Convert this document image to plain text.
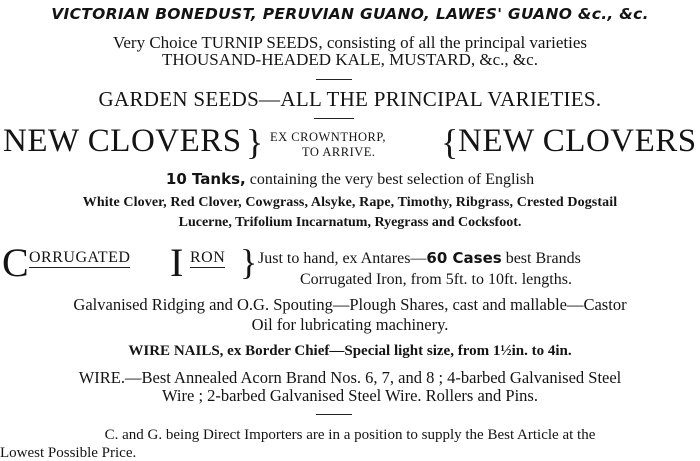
VICTORIAN BONEDUST, PERUVIAN GUANO, LAWES' GUANO &c., &c.
Very Choice TURNIP SEEDS, consisting of all the principal varieties
THOUSAND-HEADED KALE, MUSTARD, &c., &c.
GARDEN SEEDS—ALL THE PRINCIPAL VARIETIES.
NEW CLOVERS } EX CROWNTHORP,
TO ARRIVE. { NEW CLOVERS
10 Tanks, containing the very best selection of English
White Clover, Red Clover, Cowgrass, Alsyke, Rape, Timothy, Ribgrass, Crested Dogstail
Lucerne, Trifolium Incarnatum, Ryegrass and Cocksfoot.
C ORRUGATED I RON } Just to hand, ex Antares—60 Cases best Brands
Corrugated Iron, from 5ft. to 10ft. lengths.
Galvanised Ridging and O.G. Spouting—Plough Shares, cast and mallable—Castor
Oil for lubricating machinery.
WIRE NAILS, ex Border Chief—Special light size, from 1½in. to 4in.
WIRE.—Best Annealed Acorn Brand Nos. 6, 7, and 8 ; 4-barbed Galvanised Steel
Wire ; 2-barbed Galvanised Steel Wire. Rollers and Pins.
C. and G. being Direct Importers are in a position to supply the Best Article at the
Lowest Possible Price.
